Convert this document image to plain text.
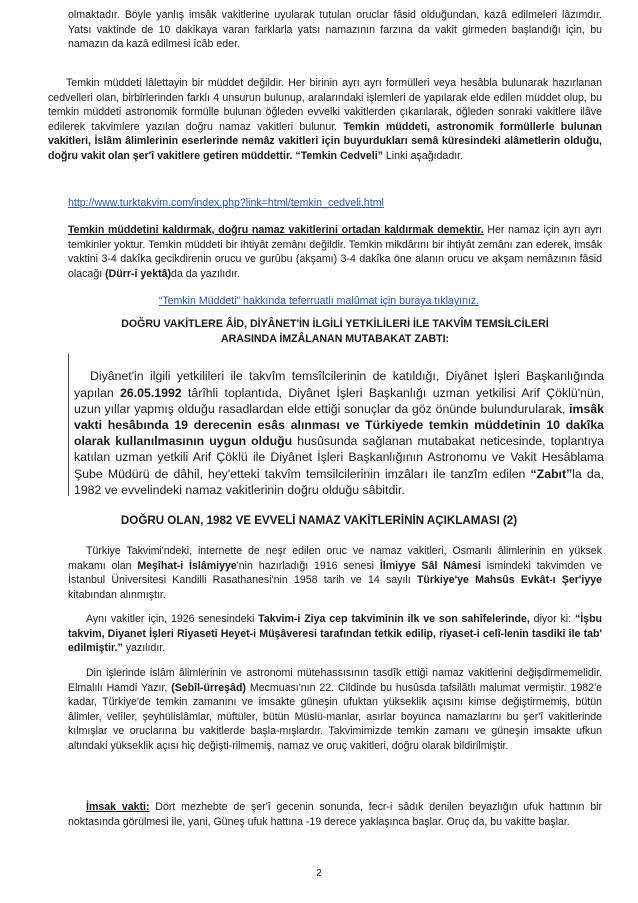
olmaktadır. Böyle yanlış imsâk vakitlerine uyularak tutulan oruclar fâsid olduğundan, kazâ edilmeleri lâzımdır. Yatsı vaktinde de 10 dakikaya varan farklarla yatsı namazının farzına da vakit girmeden başlandığı için, bu namazın da kazâ edilmesi îcâb eder.

Temkin müddeti lâlettayin bir müddet değildir. Her birinin ayrı ayrı formülleri veya hesâbla bulunarak hazırlanan cedvelleri olan, birbirlerinden farklı 4 unsurun bulunup, aralarındaki işlemleri de yapılarak elde edilen müddet olup, bu temkin müddeti astronomik formülle bulunan öğleden evvelki vakitlerden çıkarılarak, öğleden sonraki vakitlere ilâve edilerek takvimlere yazılan doğru namaz vakitleri bulunur. Temkin müddeti, astronomik formüllerle bulunan vakitleri, İslâm âlimlerinin eserlerinde nemâz vakitleri için buyurdukları semâ küresindeki alâmetlerin olduğu, doğru vakit olan şer'î vakitlere getiren müddettir. “Temkin Cedveli” Linki aşağıdadır.

http://www.turktakvim.com/index.php?link=html/temkin_cedveli.html

Temkin müddetini kaldırmak, doğru namaz vakitlerini ortadan kaldırmak demektir. Her namaz için ayrı ayrı temkinler yoktur. Temkin müddeti bir ihtiyât zemânı değildir. Temkin mikdârını bir ihtiyât zemânı zan ederek, imsâk vaktini 3-4 dakîka gecikdirenin orucu ve gurûbu (akşamı) 3-4 dakîka öne alanın orucu ve akşam nemâzının fâsid olacağı (Dürr-i yektâ)da da yazılıdır.

“Temkin Müddeti” hakkında teferruatlı malûmat için buraya tıklayınız.
DOĞRU VAKİTLERE ÂİD, DİYÂNET'İN İLGİLİ YETKİLİLERİ İLE TAKVÎM TEMSİLCİLERİ
ARASINDA İMZÂLANAN MUTABAKAT ZABTI:

Diyânet'in ilgili yetkilileri ile takvîm temsîlcilerinin de katıldığı, Diyânet İşleri Başkanlığında yapılan 26.05.1992 târîhli toplantıda, Diyânet İşleri Başkanlığı uzman yetkilisi Arif Çöklü'nün, uzun yıllar yapmış olduğu rasadlardan elde ettiği sonuçlar da göz önünde bulundurularak, imsâk vakti hesâbında 19 derecenin esâs alınması ve Türkiyede temkin müddetinin 10 dakîka olarak kullanılmasının uygun olduğu husûsunda sağlanan mutabakat neticesinde, toplantıya katılan uzman yetkili Arif Çöklü ile Diyânet İşleri Başkanlığının Astronomu ve Vakit Hesâblama Şube Müdürü de dâhil, hey'etteki takvîm temsilcilerinin imzâları ile tanzîm edilen “Zabıt”la da, 1982 ve evvelindeki namaz vakitlerinin doğru olduğu sâbitdir.

DOĞRU OLAN, 1982 VE EVVELİ NAMAZ VAKİTLERİNİN AÇIKLAMASI (2)

Türkiye Takvimi'ndeki, internette de neşr edilen oruc ve namaz vakitleri, Osmanlı âlimlerinin en yüksek makamı olan Meşîhat-i İslâmiyye'nin hazırladığı 1916 senesi İlmiyye Sâl Nâmesi ismindeki takvimden ve İstanbul Üniversitesi Kandilli Rasathanesi'nin 1958 tarih ve 14 sayılı Türkiye'ye Mahsûs Evkât-ı Şer'iyye kitabından alınmıştır.

Aynı vakitler için, 1926 senesindeki Takvim-i Ziya cep takviminin ilk ve son sahîfelerinde, diyor ki: “İşbu takvim, Diyanet İşleri Riyaseti Heyet-i Müşâveresi tarafından tetkik edilip, riyaset-i celî-lenin tasdiki ile tab' edilmiştir.” yazılıdır.

Din işlerinde islâm âlimlerinin ve astronomi mütehassısının tasdîk ettiği namaz vakitlerini değişdirmemelidir. Elmalılı Hamdi Yazır, (Sebîl-ürreşâd) Mecmuası'nın 22. Cildinde bu husûsda tafsilâtlı malumat vermiştir. 1982'e kadar, Türkiye'de temkin zamanını ve imsakte güneşin ufuktan yükseklik açısını kimse değiştirmemiş, bütün âlimler, velîler, şeyhülislâmlar, müftüler, bütün Müslü-manlar, asırlar boyunca namazlarını bu şer'î vakitlerinde kılmışlar ve oruclarına bu vakitlerde başla-mışlardır. Takvimimizde temkin zamanı ve güneşin imsakte ufkun altındaki yükseklik açısı hiç değişti-rilmemiş, namaz ve oruç vakitleri, doğru olarak bildirilmiştir.

İmsak vakti: Dört mezhebte de şer'î gecenin sonunda, fecr-i sâdık denilen beyazlığın ufuk hattının bir noktasında görülmesi ile, yani, Güneş ufuk hattına -19 derece yaklaşınca başlar. Oruç da, bu vakitte başlar.

2
